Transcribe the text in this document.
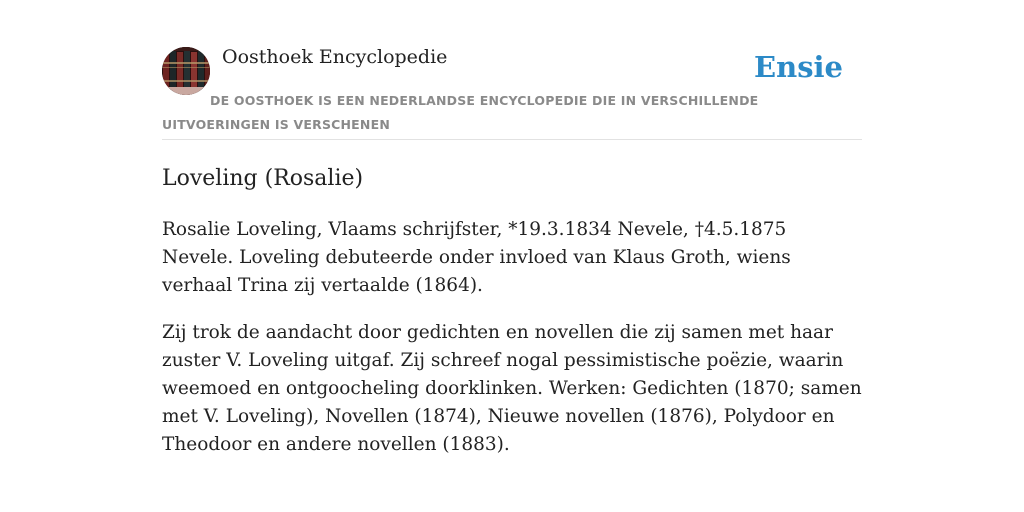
Oosthoek Encyclopedie	Ensie

DE OOSTHOEK IS EEN NEDERLANDSE ENCYCLOPEDIE DIE IN VERSCHILLENDE UITVOERINGEN IS VERSCHENEN

Loveling (Rosalie)

Rosalie Loveling, Vlaams schrijfster, *19.3.1834 Nevele, †4.5.1875 Nevele. Loveling debuteerde onder invloed van Klaus Groth, wiens verhaal Trina zij vertaalde (1864).

Zij trok de aandacht door gedichten en novellen die zij samen met haar zuster V. Loveling uitgaf. Zij schreef nogal pessimistische poëzie, waarin weemoed en ontgoocheling doorklinken. Werken: Gedichten (1870; samen met V. Loveling), Novellen (1874), Nieuwe novellen (1876), Polydoor en Theodoor en andere novellen (1883).
